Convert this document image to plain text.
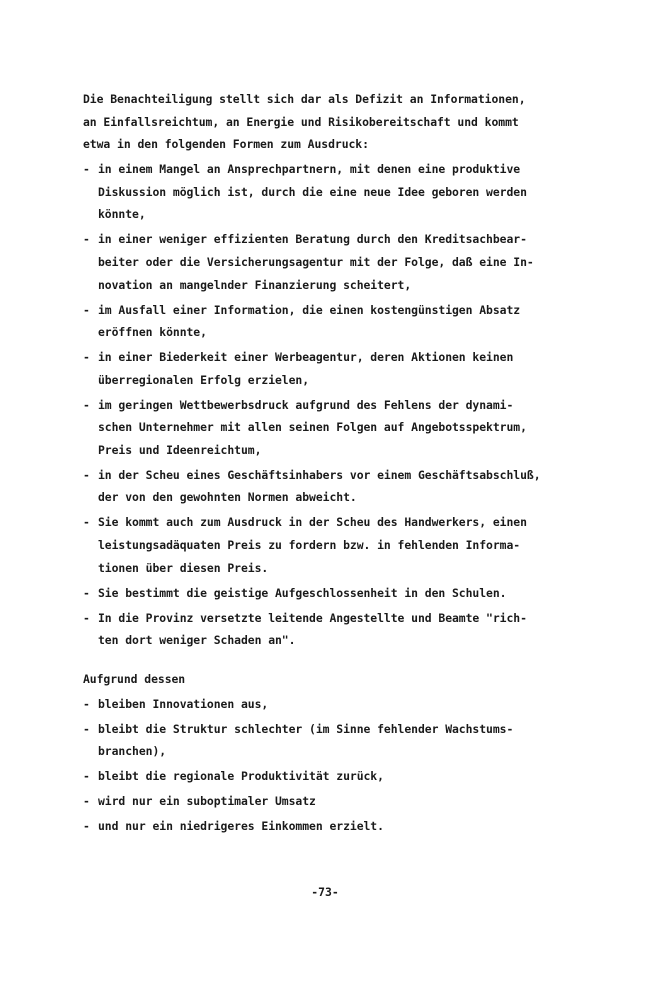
Die Benachteiligung stellt sich dar als Defizit an Informationen,
an Einfallsreichtum, an Energie und Risikobereitschaft und kommt
etwa in den folgenden Formen zum Ausdruck:
- in einem Mangel an Ansprechpartnern, mit denen eine produktive
Diskussion möglich ist, durch die eine neue Idee geboren werden
könnte,
- in einer weniger effizienten Beratung durch den Kreditsachbear-
beiter oder die Versicherungsagentur mit der Folge, daß eine In-
novation an mangelnder Finanzierung scheitert,
- im Ausfall einer Information, die einen kostengünstigen Absatz
eröffnen könnte,
- in einer Biederkeit einer Werbeagentur, deren Aktionen keinen
überregionalen Erfolg erzielen,
- im geringen Wettbewerbsdruck aufgrund des Fehlens der dynami-
schen Unternehmer mit allen seinen Folgen auf Angebotsspektrum,
Preis und Ideenreichtum,
- in der Scheu eines Geschäftsinhabers vor einem Geschäftsabschluß,
der von den gewohnten Normen abweicht.
- Sie kommt auch zum Ausdruck in der Scheu des Handwerkers, einen
leistungsadäquaten Preis zu fordern bzw. in fehlenden Informa-
tionen über diesen Preis.
- Sie bestimmt die geistige Aufgeschlossenheit in den Schulen.
- In die Provinz versetzte leitende Angestellte und Beamte "rich-
ten dort weniger Schaden an".
Aufgrund dessen
- bleiben Innovationen aus,
- bleibt die Struktur schlechter (im Sinne fehlender Wachstums-
branchen),
- bleibt die regionale Produktivität zurück,
- wird nur ein suboptimaler Umsatz
- und nur ein niedrigeres Einkommen erzielt.
-73-
